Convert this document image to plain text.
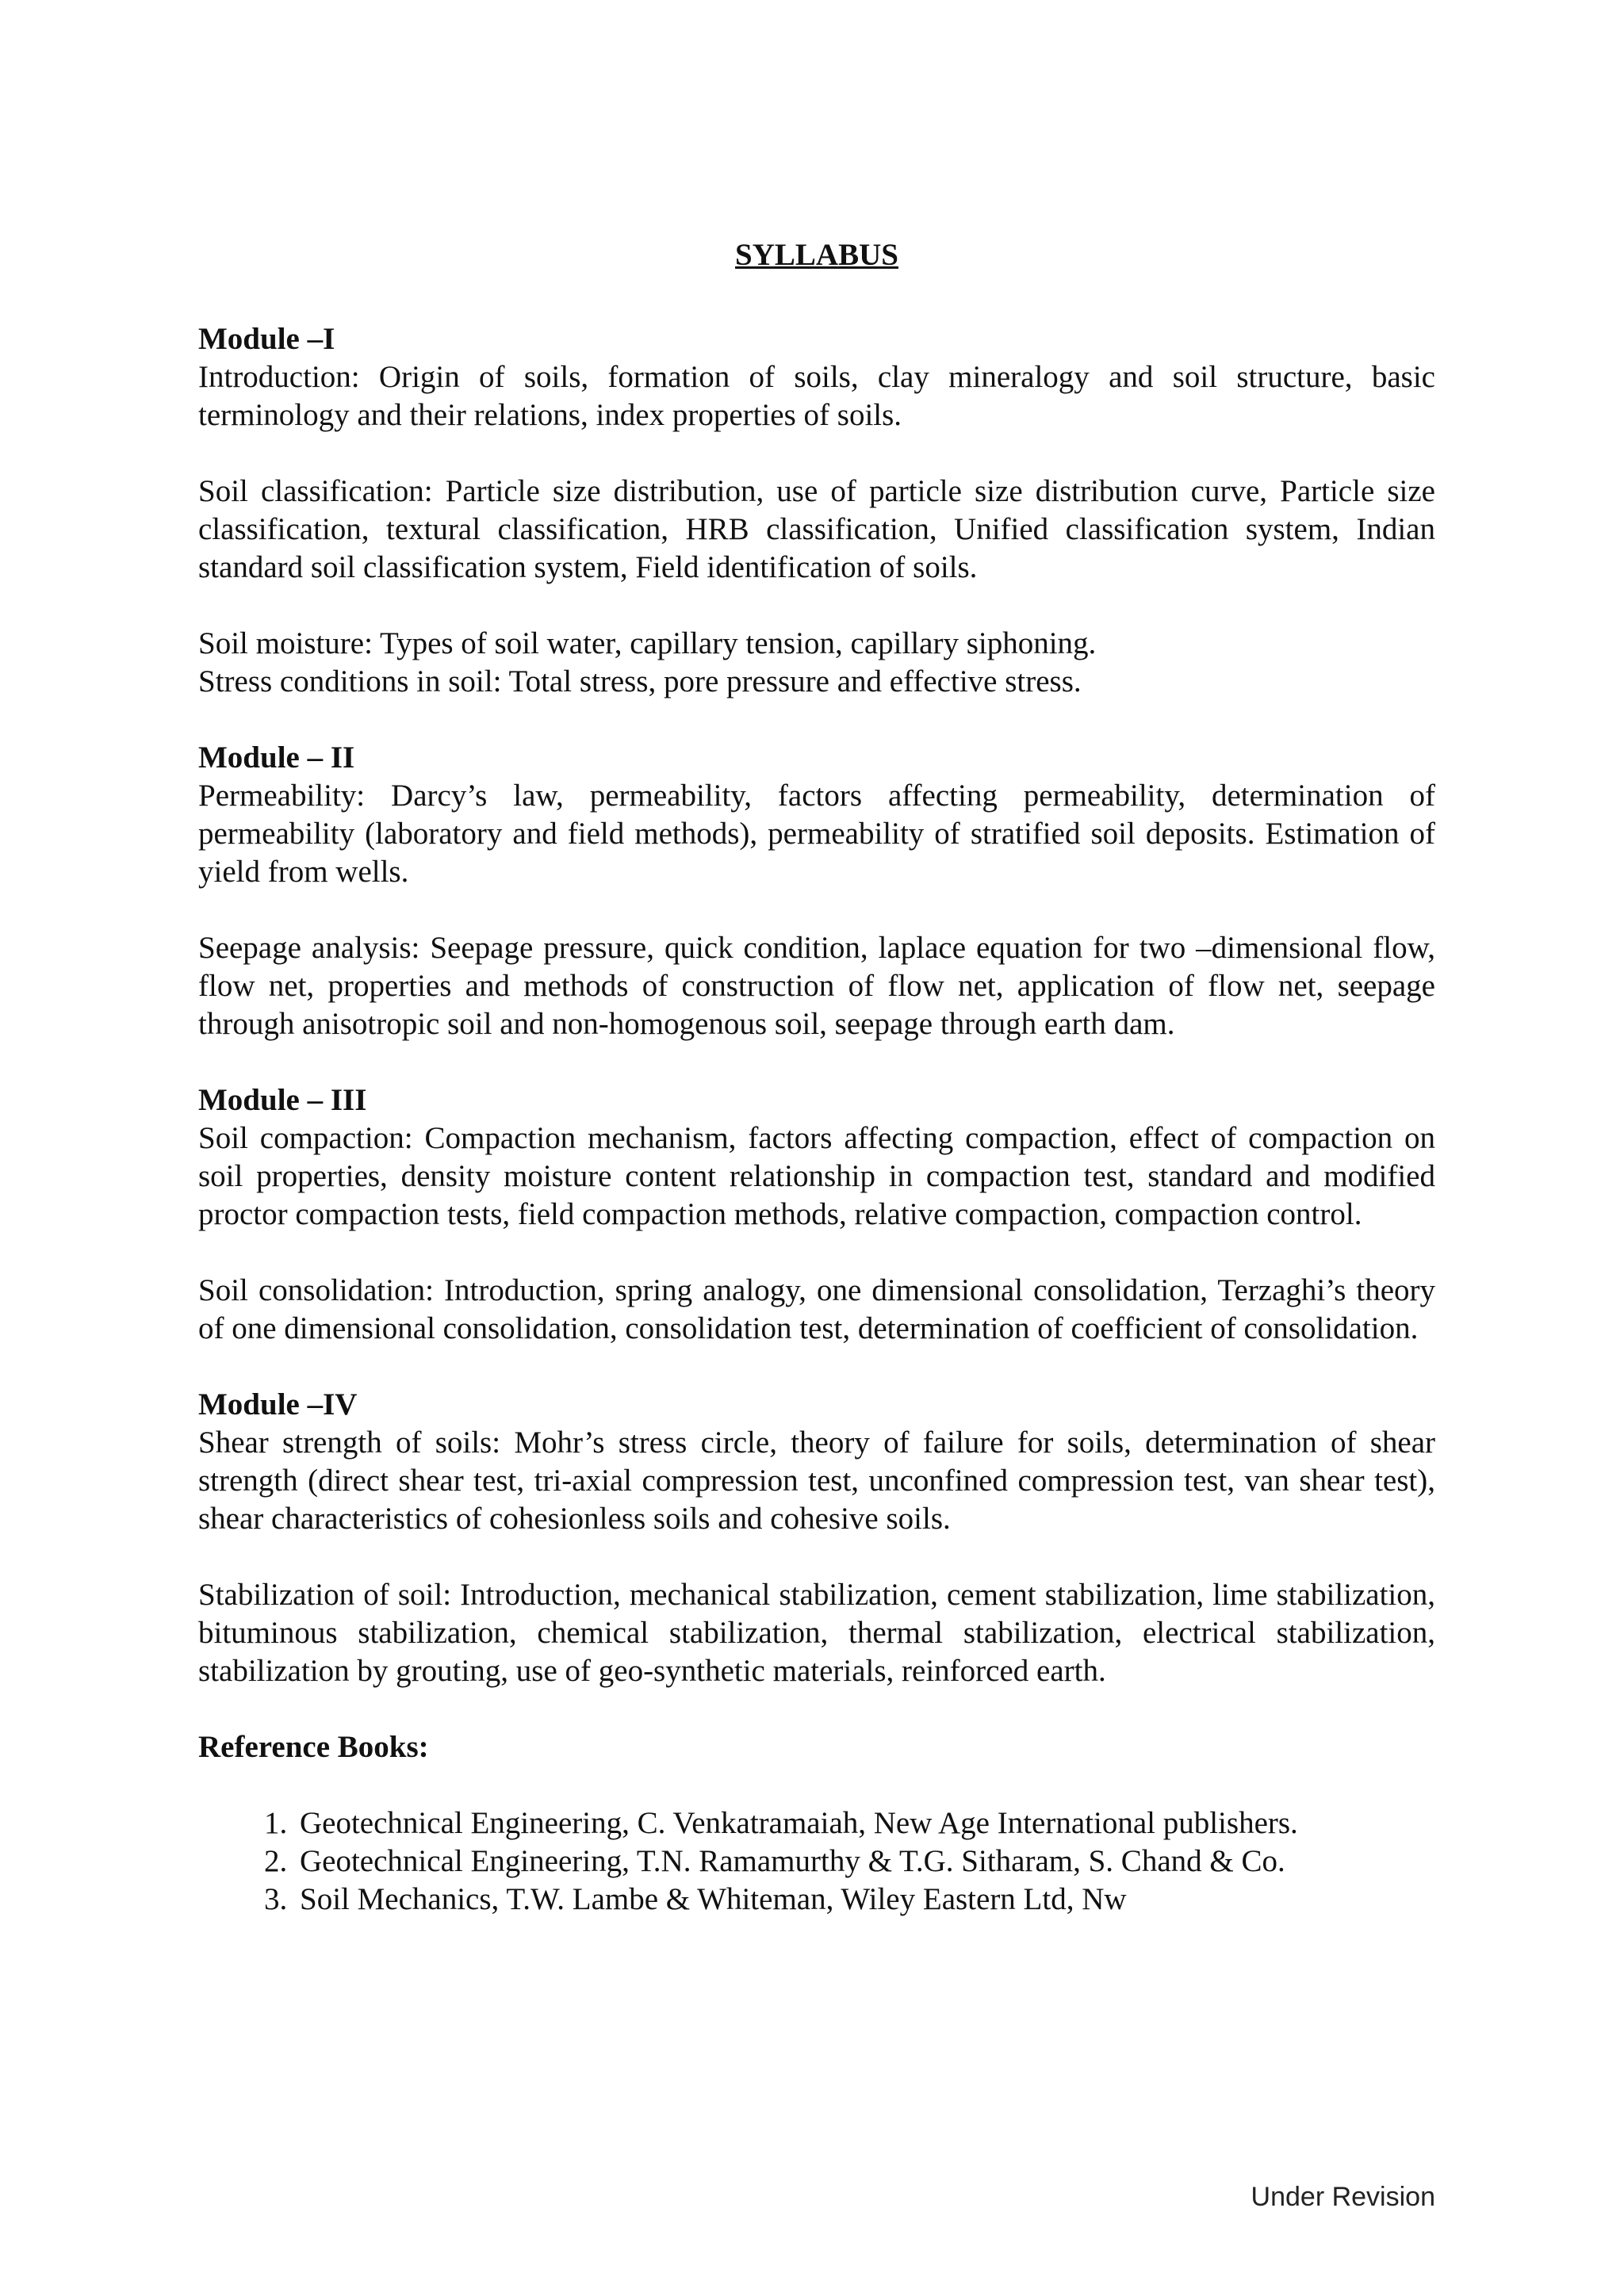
SYLLABUS
Module –I

Introduction: Origin of soils, formation of soils, clay mineralogy and soil structure, basic terminology and their relations, index properties of soils.

Soil classification: Particle size distribution, use of particle size distribution curve, Particle size classification, textural classification, HRB classification, Unified classification system, Indian standard soil classification system, Field identification of soils.

Soil moisture: Types of soil water, capillary tension, capillary siphoning.

Stress conditions in soil: Total stress, pore pressure and effective stress.

Module – II

Permeability: Darcy’s law, permeability, factors affecting permeability, determination of permeability (laboratory and field methods), permeability of stratified soil deposits. Estimation of yield from wells.

Seepage analysis: Seepage pressure, quick condition, laplace equation for two –dimensional flow, flow net, properties and methods of construction of flow net, application of flow net, seepage through anisotropic soil and non-homogenous soil, seepage through earth dam.

Module – III

Soil compaction: Compaction mechanism, factors affecting compaction, effect of compaction on soil properties, density moisture content relationship in compaction test, standard and modified proctor compaction tests, field compaction methods, relative compaction, compaction control.

Soil consolidation: Introduction, spring analogy, one dimensional consolidation, Terzaghi’s theory of one dimensional consolidation, consolidation test, determination of coefficient of consolidation.

Module –IV

Shear strength of soils: Mohr’s stress circle, theory of failure for soils, determination of shear strength (direct shear test, tri-axial compression test, unconfined compression test, van shear test), shear characteristics of cohesionless soils and cohesive soils.

Stabilization of soil: Introduction, mechanical stabilization, cement stabilization, lime stabilization, bituminous stabilization, chemical stabilization, thermal stabilization, electrical stabilization, stabilization by grouting, use of geo-synthetic materials, reinforced earth.

Reference Books:
1. Geotechnical Engineering, C. Venkatramaiah, New Age International publishers.
2. Geotechnical Engineering, T.N. Ramamurthy & T.G. Sitharam, S. Chand & Co.
3. Soil Mechanics, T.W. Lambe & Whiteman, Wiley Eastern Ltd, Nw
Under Revision
